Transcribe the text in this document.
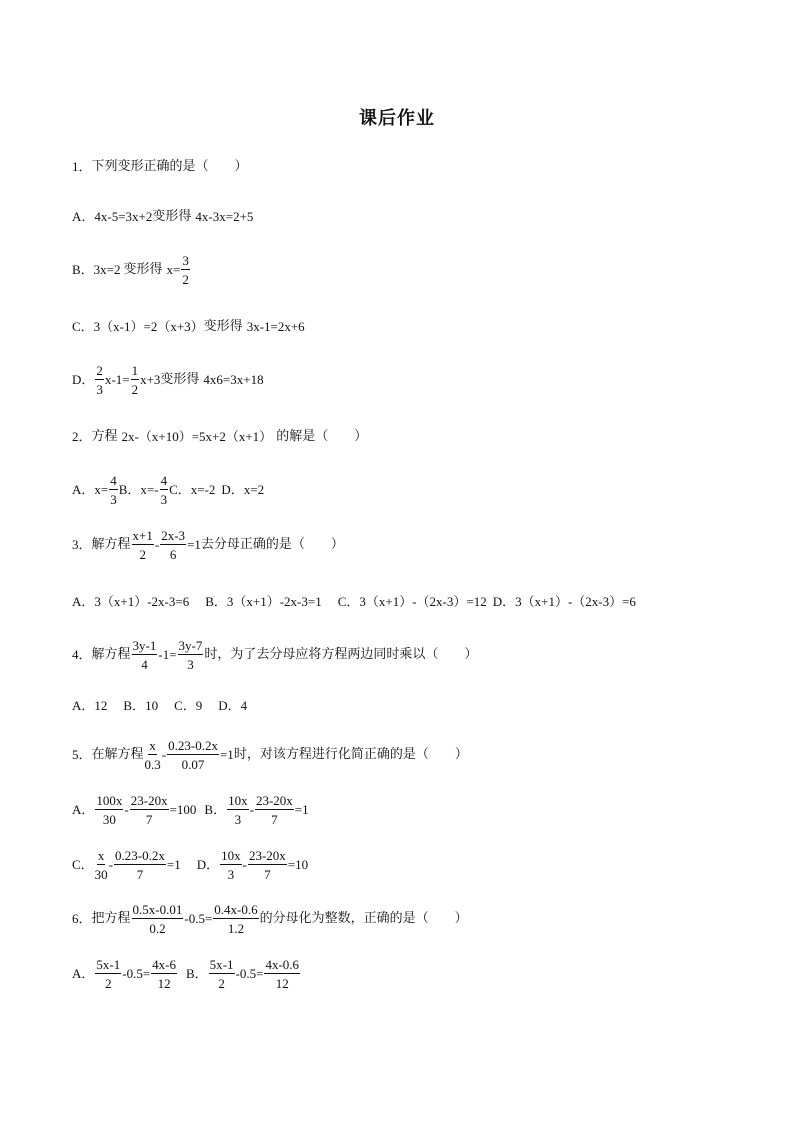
课后作业
1． 下列变形正确的是（　　）
A． 4x-5=3x+2 变形得 4x-3x=2+5
B． 3x=2 变形得 $x= \frac{3}{2}$
C． 3（x-1）=2（x+3） 变形得 3x-1=2x+6
D． $\frac{2}{3} x-1= \frac{1}{2} x+3$ 变形得 4x6=3x+18
2． 方程 2x-（x+10）=5x+2（x+1） 的解是（　　）
A． $x= \frac{4}{3}$ B． $x=- \frac{4}{3}$ C． x=-2 D． x=2
3． 解方程 $\frac{x+1}{2} - \frac{2x-3}{6} =1$ 去分母正确的是（　　）
A． 3（x+1）-2x-3=6 B． 3（x+1）-2x-3=1 C． 3（x+1）-（2x-3）=12 D． 3（x+1）-（2x-3）=6
4． 解方程 $\frac{3y-1}{4} -1= \frac{3y-7}{3}$ 时，为了去分母应将方程两边同时乘以（　　）
A． 12 B． 10 C． 9 D． 4
5． 在解方程 $\frac{x}{0.3} - \frac{0.23-0.2x}{0.07} =1$ 时，对该方程进行化简正确的是（　　）
A． $\frac{100x}{30} - \frac{23-20x}{7} =100$ B． $\frac{10x}{3} - \frac{23-20x}{7} =1$
C． $\frac{x}{30} - \frac{0.23-0.2x}{7} =1$ D． $\frac{10x}{3} - \frac{23-20x}{7} =10$
6． 把方程 $\frac{0.5x-0.01}{0.2} -0.5= \frac{0.4x-0.6}{1.2}$ 的分母化为整数，正确的是（　　）
A． $\frac{5x-1}{2} -0.5= \frac{4x-6}{12}$ B． $\frac{5x-1}{2} -0.5= \frac{4x-0.6}{12}$
